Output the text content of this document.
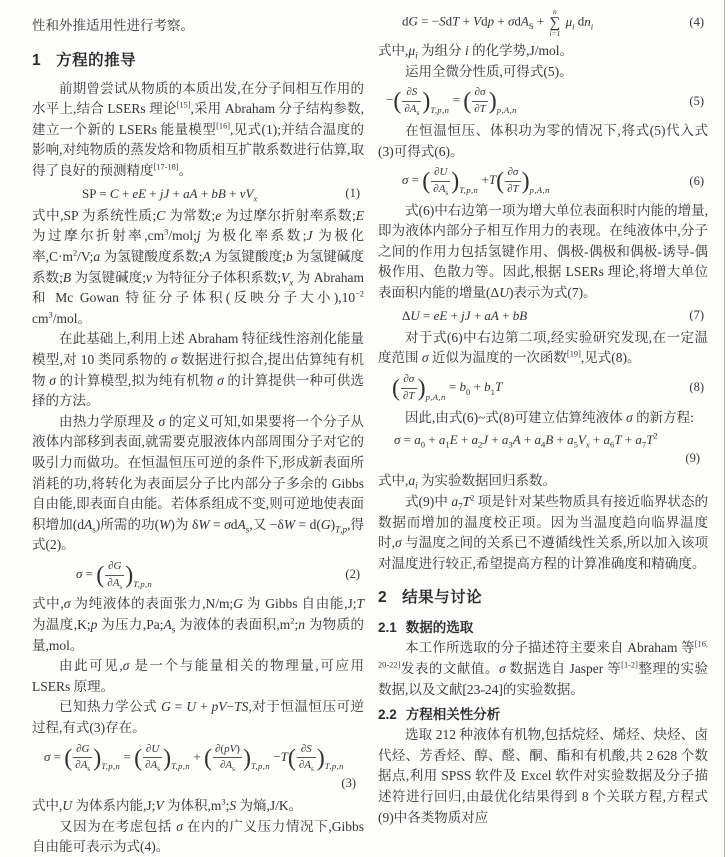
性和外推适用性进行考察。

1 方程的推导

前期曾尝试从物质的本质出发,在分子间相互作用的水平上,结合 LSERs 理论[15],采用 Abraham 分子结构参数,建立一个新的 LSERs 能量模型[16],见式(1);并结合温度的影响,对纯物质的蒸发焓和物质相互扩散系数进行估算,取得了良好的预测精度[17-18]。

SP = C + eE + jJ + aA + bB + $vV_x$	(1)

式中,SP 为系统性质;C 为常数;e 为过摩尔折射率系数;E 为过摩尔折射率$,cm^3/mol;j$ 为极化率系数;J 为极化率$,C\cdot m^2/V;a$ 为氢键酸度系数;A 为氢键酸度;b 为氢键碱度系数;B 为氢键碱度;v 为特征分子体积系数$;V_x$ 为 Abraham 和 Mc Gowan 特征分子体积(反映分子大小)$,10^{-2}$ $cm^3$/mol。

在此基础上,利用上述 Abraham 特征线性溶剂化能量模型,对 10 类同系物的 σ 数据进行拟合,提出估算纯有机物 σ 的计算模型,拟为纯有机物 σ 的计算提供一种可供选择的方法。

由热力学原理及 σ 的定义可知,如果要将一个分子从液体内部移到表面,就需要克服液体内部周围分子对它的吸引力而做功。在恒温恒压可逆的条件下,形成新表面所消耗的功,将转化为表面层分子比内部分子多余的 Gibbs 自由能,即表面自由能。若体系组成不变,则可逆地使表面积增加$(dA_s)$所需的功(W)为 δW = σdA$_s$,又 $-\delta W = d(G)_{T,p}$,得式(2)。

σ = ( $\frac{\partial G}{\partial A_s} )_{T,p,n}$
(2)

式中,σ 为纯液体的表面张力,N/m;G 为 Gibbs 自由能,J;T 为温度,K;p 为压力$,Pa;A_s$ 为液体的表面积$,m^2;n$ 为物质的量,mol。

由此可见,σ 是一个与能量相关的物理量,可应用 LSERs 原理。

已知热力学公式 G = U + pV−TS,对于恒温恒压可逆过程,有式(3)存在。

σ = ( $\frac{\partial G}{\partial A_s} )_{T,p,n}$ = ( $\frac{\partial U}{\partial A_s} )_{T,p,n}$ + ( $\frac{\partial(pV)}{\partial A_s} )_{T,p,n} -T( \frac{\partial S}{\partial A_s} )_{T,p,n}$
(3)

式中,U 为体系内能,J;V 为体积$,m^3;S$ 为熵,J/K。

又因为在考虑包括 σ 在内的广义压力情况下,Gibbs 自由能可表示为式(4)。

dG = −SdT + Vdp + σdA$_S$ +
n
∑
i=1
$\mu_i$ $dn_i$	(4)

式中$,\mu_i$ 为组分 i 的化学势,J/mol。

运用全微分性质,可得式(5)。

−( $\frac{\partial S}{\partial A_s} )_{T,p,n}$ = ( $\frac{\partial\sigma}{\partial T} )_{p,A,n}$
(5)

在恒温恒压、体积功为零的情况下,将式(5)代入式(3)可得式(6)。

σ = ( $\frac{\partial U}{\partial A_s} )_{T,p,n} +T( \frac{\partial\sigma}{\partial T} )_{p,A,n}$
(6)

式(6)中右边第一项为增大单位表面积时内能的增量,即为液体内部分子相互作用力的表现。在纯液体中,分子之间的作用力包括氢键作用、偶极-偶极和偶极-诱导-偶极作用、色散力等。因此,根据 LSERs 理论,将增大单位表面积内能的增量(ΔU)表示为式(7)。

ΔU = eE + jJ + aA + bB	(7)

对于式(6)中右边第二项,经实验研究发现,在一定温度范围 σ 近似为温度的一次函数[19],见式(8)。

( $\frac{\partial\sigma}{\partial T} )_{p,A,n} = b_0 + b_1T$	(8)

因此,由式(6)~式(8)可建立估算纯液体 σ 的新方程:

$\sigma = a_0 + a_1E + a_2J + a_3A + a_4B + a_5V_x + a_6T + a_7T^2$
(9)

式中$,a_i$ 为实验数据回归系数。

式(9)中 $a_7T^2$ 项是针对某些物质具有接近临界状态的数据而增加的温度校正项。因为当温度趋向临界温度时,σ 与温度之间的关系已不遵循线性关系,所以加入该项对温度进行较正,希望提高方程的计算准确度和精确度。

2 结果与讨论
2.1 数据的选取

本工作所选取的分子描述符主要来自 Abraham 等[16, 20-22]发表的文献值。σ 数据选自 Jasper 等[1-2]整理的实验数据,以及文献[23-24]的实验数据。

2.2 方程相关性分析

选取 212 种液体有机物,包括烷烃、烯烃、炔烃、卤代烃、芳香烃、醇、醛、酮、酯和有机酸,共 2 628 个数据点,利用 SPSS 软件及 Excel 软件对实验数据及分子描述符进行回归,由最优化结果得到 8 个关联方程,方程式(9)中各类物质对应
